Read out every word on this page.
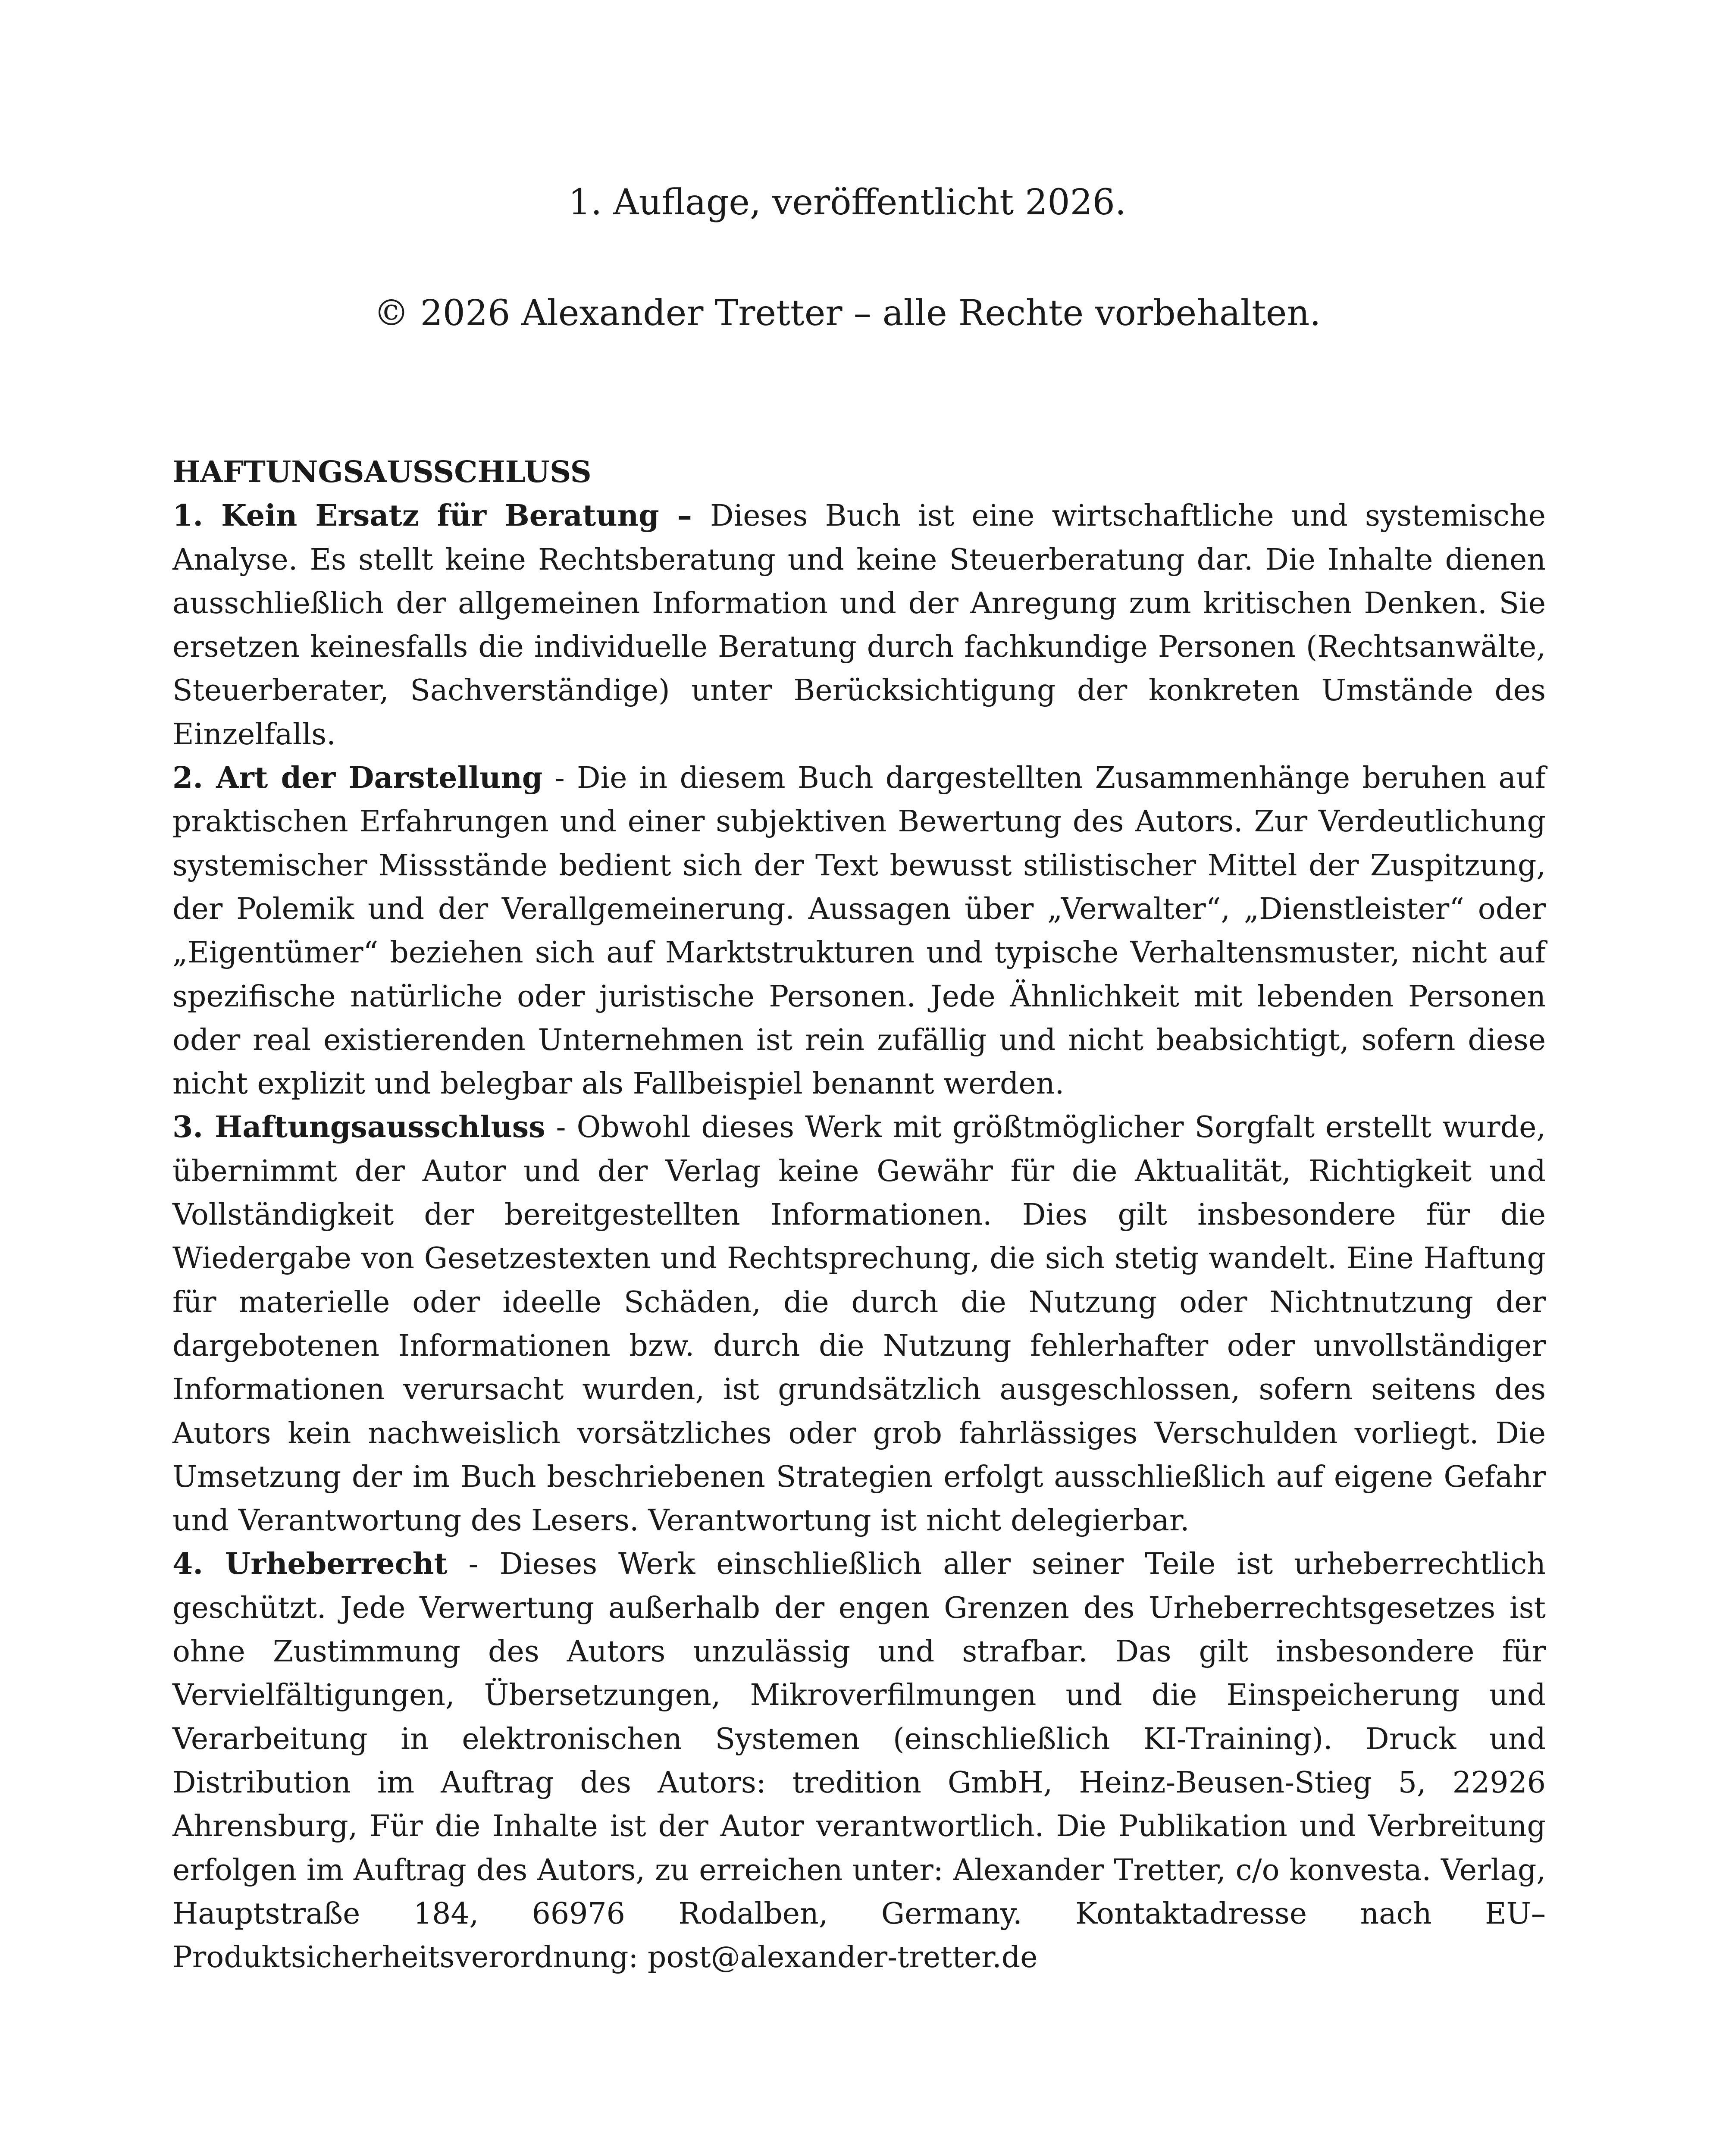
1. Auflage, veröffentlicht 2026.
© 2026 Alexander Tretter – alle Rechte vorbehalten.

HAFTUNGSAUSSCHLUSS

1. Kein Ersatz für Beratung – Dieses Buch ist eine wirtschaftliche und systemische Analyse. Es stellt keine Rechtsberatung und keine Steuerberatung dar. Die Inhalte dienen ausschließlich der allgemeinen Information und der Anregung zum kritischen Denken. Sie ersetzen keinesfalls die individuelle Beratung durch fachkundige Personen (Rechtsanwälte, Steuerberater, Sachverständige) unter Berücksichtigung der konkreten Umstände des Einzelfalls.

2. Art der Darstellung - Die in diesem Buch dargestellten Zusammenhänge beruhen auf praktischen Erfahrungen und einer subjektiven Bewertung des Autors. Zur Verdeutlichung systemischer Missstände bedient sich der Text bewusst stilistischer Mittel der Zuspitzung, der Polemik und der Verallgemeinerung. Aussagen über „Verwalter“, „Dienstleister“ oder „Eigentümer“ beziehen sich auf Marktstrukturen und typische Verhaltensmuster, nicht auf spezifische natürliche oder juristische Personen. Jede Ähnlichkeit mit lebenden Personen oder real existierenden Unternehmen ist rein zufällig und nicht beabsichtigt, sofern diese nicht explizit und belegbar als Fallbeispiel benannt werden.

3. Haftungsausschluss - Obwohl dieses Werk mit größtmöglicher Sorgfalt erstellt wurde, übernimmt der Autor und der Verlag keine Gewähr für die Aktualität, Richtigkeit und Vollständigkeit der bereitgestellten Informationen. Dies gilt insbesondere für die Wiedergabe von Gesetzestexten und Rechtsprechung, die sich stetig wandelt. Eine Haftung für materielle oder ideelle Schäden, die durch die Nutzung oder Nichtnutzung der dargebotenen Informationen bzw. durch die Nutzung fehlerhafter oder unvollständiger Informationen verursacht wurden, ist grundsätzlich ausgeschlossen, sofern seitens des Autors kein nachweislich vorsätzliches oder grob fahrlässiges Verschulden vorliegt. Die Umsetzung der im Buch beschriebenen Strategien erfolgt ausschließlich auf eigene Gefahr und Verantwortung des Lesers. Verantwortung ist nicht delegierbar.

4. Urheberrecht - Dieses Werk einschließlich aller seiner Teile ist urheberrechtlich geschützt. Jede Verwertung außerhalb der engen Grenzen des Urheberrechtsgesetzes ist ohne Zustimmung des Autors unzulässig und strafbar. Das gilt insbesondere für Vervielfältigungen, Übersetzungen, Mikroverfilmungen und die Einspeicherung und Verarbeitung in elektronischen Systemen (einschließlich KI-Training). Druck und Distribution im Auftrag des Autors: tredition GmbH, Heinz-Beusen-Stieg 5, 22926 Ahrensburg, Für die Inhalte ist der Autor verantwortlich. Die Publikation und Verbreitung erfolgen im Auftrag des Autors, zu erreichen unter: Alexander Tretter, c/o konvesta. Verlag, Hauptstraße 184, 66976 Rodalben, Germany. Kontaktadresse nach EU–Produktsicherheitsverordnung: post@alexander-tretter.de
